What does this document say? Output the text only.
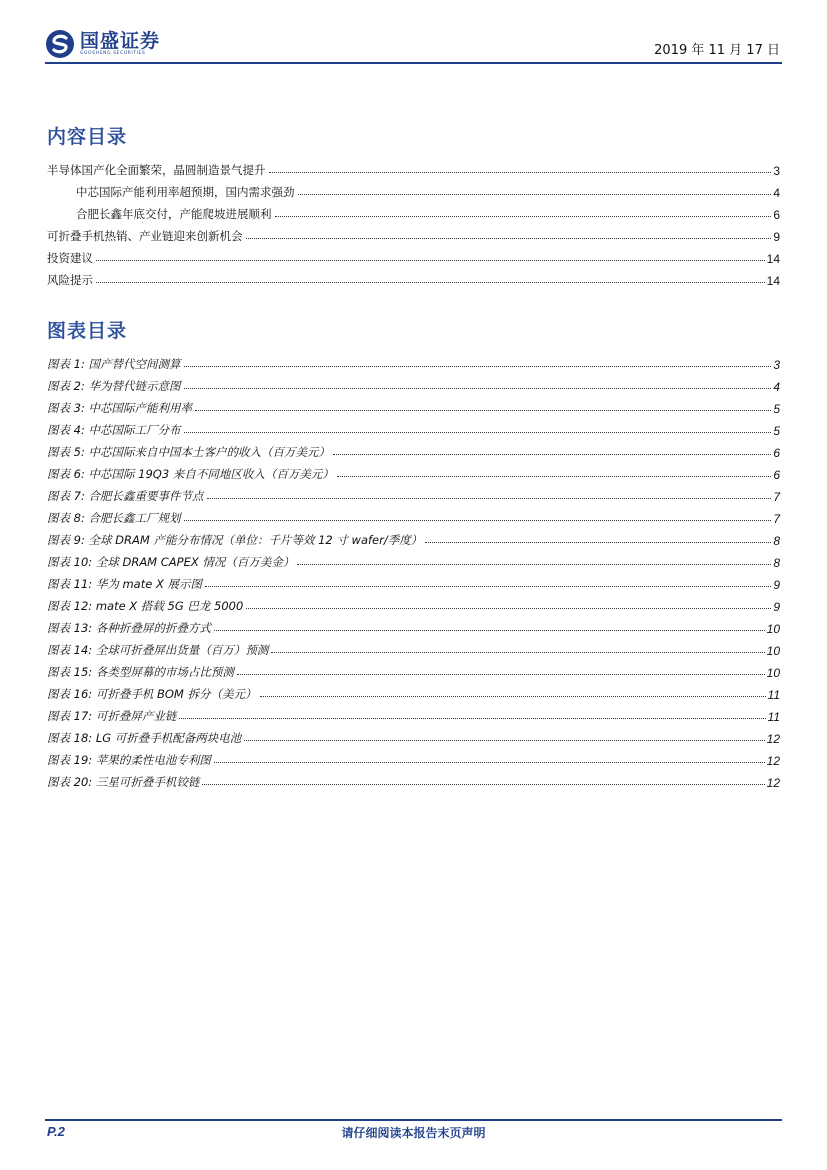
国盛证券
GUOSHENG SECURITIES	2019 年 11 月 17 日
内容目录
半导体国产化全面繁荣，晶圆制造景气提升	3
中芯国际产能利用率超预期，国内需求强劲	4
合肥长鑫年底交付，产能爬坡进展顺利	6
可折叠手机热销、产业链迎来创新机会	9
投资建议	14
风险提示	14
图表目录
图表 1: 国产替代空间测算	3
图表 2: 华为替代链示意图	4
图表 3: 中芯国际产能利用率	5
图表 4: 中芯国际工厂分布	5
图表 5: 中芯国际来自中国本土客户的收入（百万美元）	6
图表 6: 中芯国际 19Q3 来自不同地区收入（百万美元）	6
图表 7: 合肥长鑫重要事件节点	7
图表 8: 合肥长鑫工厂规划	7
图表 9: 全球 DRAM 产能分布情况（单位：千片等效 12 寸 wafer/季度）	8
图表 10: 全球 DRAM CAPEX 情况（百万美金）	8
图表 11: 华为 mate X 展示图	9
图表 12: mate X 搭载 5G 巴龙 5000	9
图表 13: 各种折叠屏的折叠方式	10
图表 14: 全球可折叠屏出货量（百万）预测	10
图表 15: 各类型屏幕的市场占比预测	10
图表 16: 可折叠手机 BOM 拆分（美元）	11
图表 17: 可折叠屏产业链	11
图表 18: LG 可折叠手机配备两块电池	12
图表 19: 苹果的柔性电池专利图	12
图表 20: 三星可折叠手机铰链	12
请仔细阅读本报告末页声明
P.2
